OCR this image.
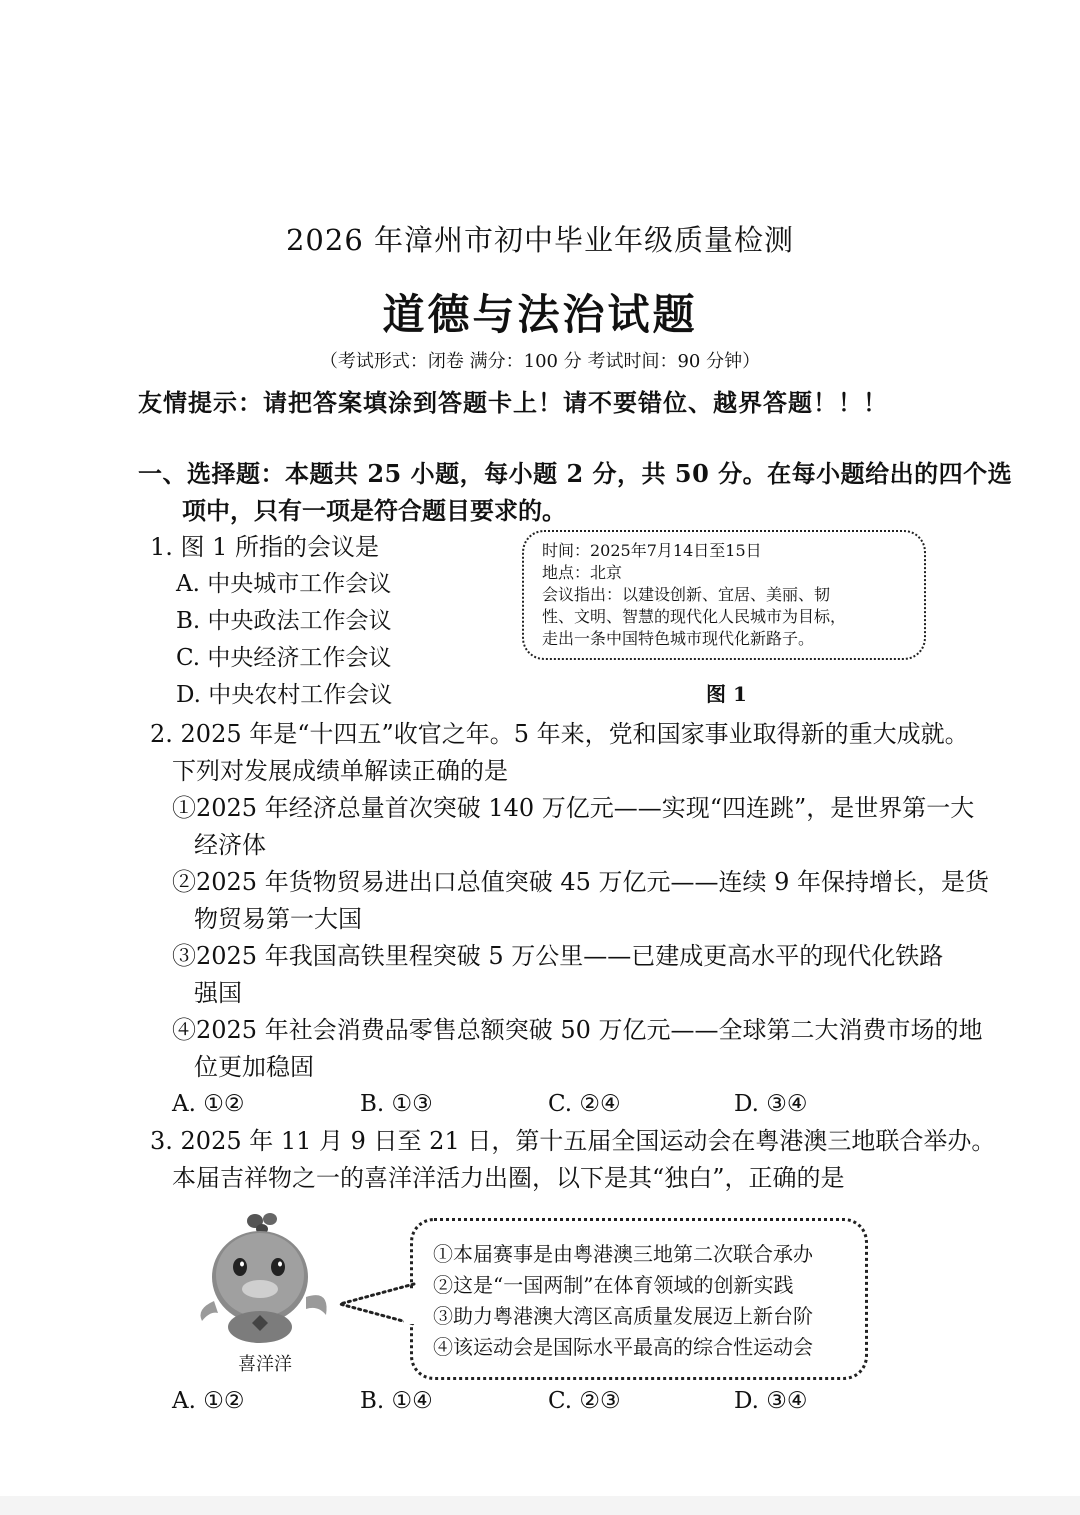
2026 年漳州市初中毕业年级质量检测
道德与法治试题
（考试形式：闭卷 满分：100 分 考试时间：90 分钟）
友情提示：请把答案填涂到答题卡上！请不要错位、越界答题！！！
一、选择题：本题共 25 小题，每小题 2 分，共 50 分。在每小题给出的四个选
项中，只有一项是符合题目要求的。
1. 图 1 所指的会议是
A. 中央城市工作会议
B. 中央政法工作会议
C. 中央经济工作会议
D. 中央农村工作会议
时间：2025年7月14日至15日
地点：北京
会议指出：以建设创新、宜居、美丽、韧
性、文明、智慧的现代化人民城市为目标，
走出一条中国特色城市现代化新路子。
图 1
2. 2025 年是“十四五”收官之年。5 年来，党和国家事业取得新的重大成就。
下列对发展成绩单解读正确的是
①2025 年经济总量首次突破 140 万亿元——实现“四连跳”，是世界第一大
经济体
②2025 年货物贸易进出口总值突破 45 万亿元——连续 9 年保持增长，是货
物贸易第一大国
③2025 年我国高铁里程突破 5 万公里——已建成更高水平的现代化铁路
强国
④2025 年社会消费品零售总额突破 50 万亿元——全球第二大消费市场的地
位更加稳固
A. ①②	B. ①③	C. ②④	D. ③④
3. 2025 年 11 月 9 日至 21 日，第十五届全国运动会在粤港澳三地联合举办。
本届吉祥物之一的喜洋洋活力出圈，以下是其“独白”，正确的是
喜洋洋
①本届赛事是由粤港澳三地第二次联合承办
②这是“一国两制”在体育领域的创新实践
③助力粤港澳大湾区高质量发展迈上新台阶
④该运动会是国际水平最高的综合性运动会
A. ①②	B. ①④	C. ②③	D. ③④
